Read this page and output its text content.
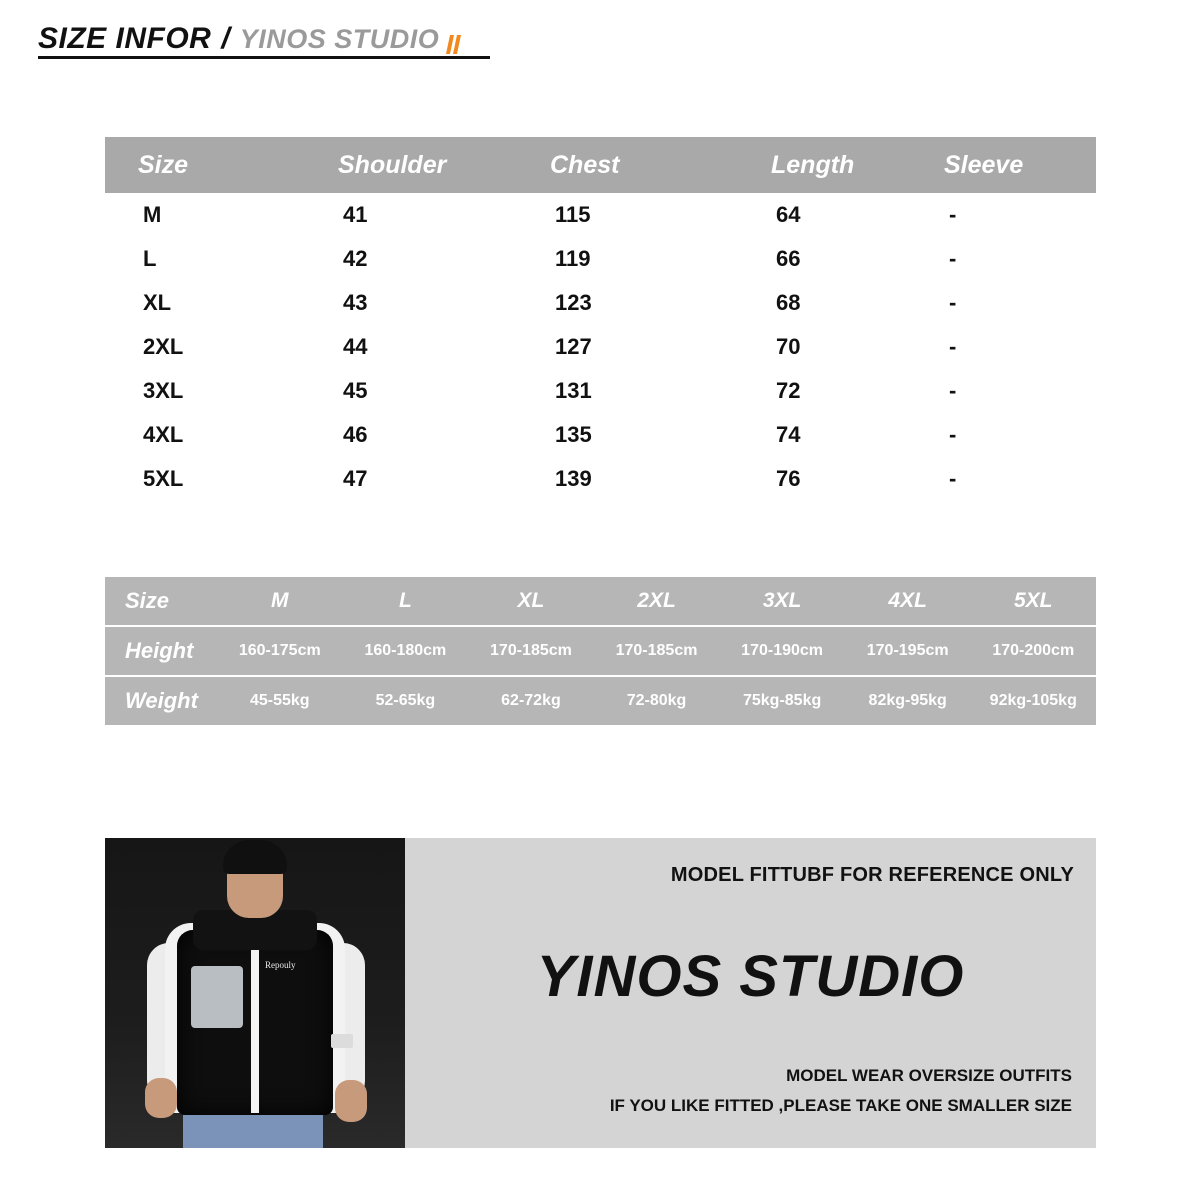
SIZE INFOR / YINOS STUDIO
Size	Shoulder	Chest	Length	Sleeve
M	41	115	64	-
L	42	119	66	-
XL	43	123	68	-
2XL	44	127	70	-
3XL	45	131	72	-
4XL	46	135	74	-
5XL	47	139	76	-
Size	M	L	XL	2XL	3XL	4XL	5XL
Height	160-175cm	160-180cm	170-185cm	170-185cm	170-190cm	170-195cm	170-200cm
Weight	45-55kg	52-65kg	62-72kg	72-80kg	75kg-85kg	82kg-95kg	92kg-105kg
Repouly
MODEL FITTUBF FOR REFERENCE ONLY
YINOS STUDIO
MODEL WEAR OVERSIZE OUTFITS
IF YOU LIKE FITTED ,PLEASE TAKE ONE SMALLER SIZE
